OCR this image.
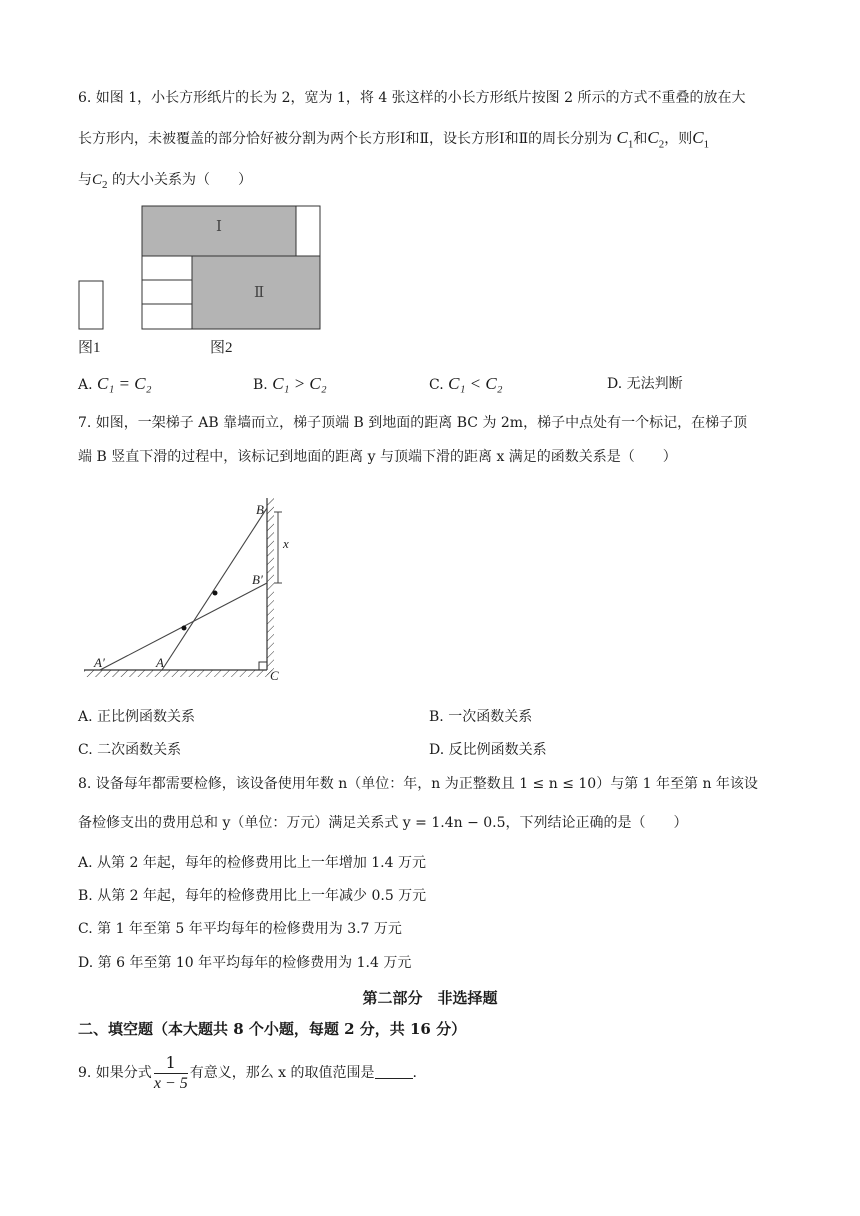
6. 如图 1，小长方形纸片的长为 2，宽为 1，将 4 张这样的小长方形纸片按图 2 所示的方式不重叠的放在大
长方形内，未被覆盖的部分恰好被分割为两个长方形Ⅰ和Ⅱ，设长方形Ⅰ和Ⅱ的周长分别为 $C_1$和$C_2$，则$C_1$
与$C_2$ 的大小关系为（　　）
图1
Ⅰ
Ⅱ
图2
A. C₁ = C₂	B. C₁ > C₂	C. C₁ < C₂	D. 无法判断
7. 如图，一架梯子 AB 靠墙而立，梯子顶端 B 到地面的距离 BC 为 2m，梯子中点处有一个标记，在梯子顶
端 B 竖直下滑的过程中，该标记到地面的距离 y 与顶端下滑的距离 x 满足的函数关系是（　　）
B
B′
x
A′	A
C
A. 正比例函数关系	B. 一次函数关系
C. 二次函数关系	D. 反比例函数关系
8. 设备每年都需要检修，该设备使用年数 n（单位：年，n 为正整数且 1 ≤ n ≤ 10）与第 1 年至第 n 年该设
备检修支出的费用总和 y（单位：万元）满足关系式 y = 1.4n − 0.5，下列结论正确的是（　　）
A. 从第 2 年起，每年的检修费用比上一年增加 1.4 万元
B. 从第 2 年起，每年的检修费用比上一年减少 0.5 万元
C. 第 1 年至第 5 年平均每年的检修费用为 3.7 万元
D. 第 6 年至第 10 年平均每年的检修费用为 1.4 万元
第二部分　非选择题
二、填空题（本大题共 8 个小题，每题 2 分，共 16 分）
9. 如果分式 $\frac{1}{x - 5}$ 有意义，那么 x 的取值范围是	.
